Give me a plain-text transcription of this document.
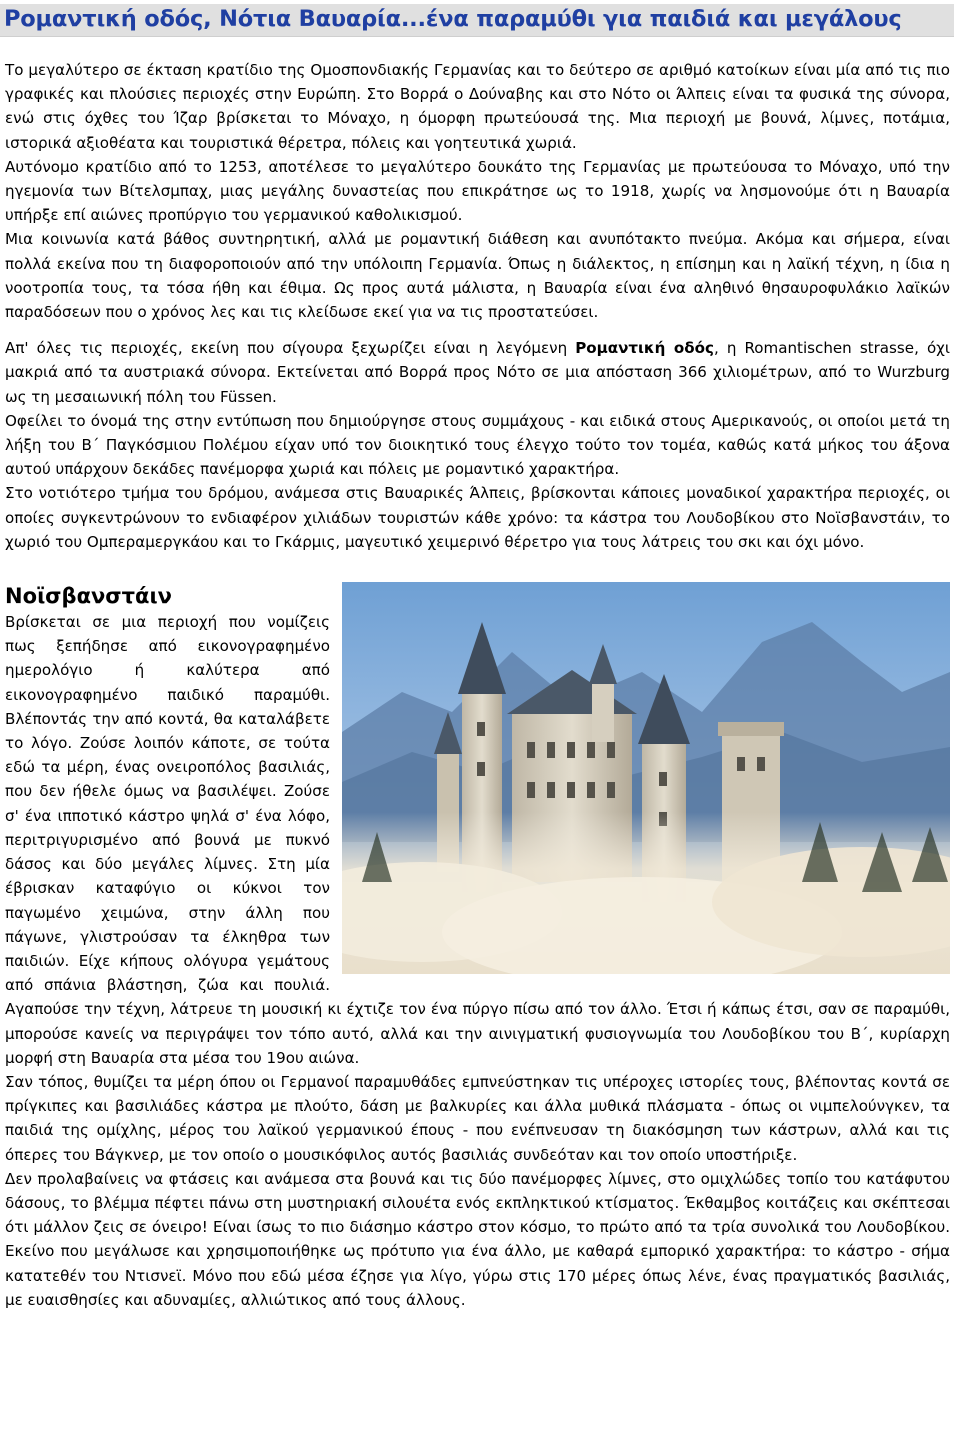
Ρομαντική οδός, Νότια Βαυαρία...ένα παραμύθι για παιδιά και μεγάλους

Το μεγαλύτερο σε έκταση κρατίδιο της Ομοσπονδιακής Γερμανίας και το δεύτερο σε αριθμό κατοίκων είναι μία από τις πιο γραφικές και πλούσιες περιοχές στην Ευρώπη. Στο Βορρά ο Δούναβης και στο Νότο οι Άλπεις είναι τα φυσικά της σύνορα, ενώ στις όχθες του Ίζαρ βρίσκεται το Μόναχο, η όμορφη πρωτεύουσά της. Μια περιοχή με βουνά, λίμνες, ποτάμια, ιστορικά αξιοθέατα και τουριστικά θέρετρα, πόλεις και γοητευτικά χωριά.

Αυτόνομο κρατίδιο από το 1253, αποτέλεσε το μεγαλύτερο δουκάτο της Γερμανίας με πρωτεύουσα το Μόναχο, υπό την ηγεμονία των Βίτελσμπαχ, μιας μεγάλης δυναστείας που επικράτησε ως το 1918, χωρίς να λησμονούμε ότι η Βαυαρία υπήρξε επί αιώνες προπύργιο του γερμανικού καθολικισμού.

Μια κοινωνία κατά βάθος συντηρητική, αλλά με ρομαντική διάθεση και ανυπότακτο πνεύμα. Ακόμα και σήμερα, είναι πολλά εκείνα που τη διαφοροποιούν από την υπόλοιπη Γερμανία. Όπως η διάλεκτος, η επίσημη και η λαϊκή τέχνη, η ίδια η νοοτροπία τους, τα τόσα ήθη και έθιμα. Ως προς αυτά μάλιστα, η Βαυαρία είναι ένα αληθινό θησαυροφυλάκιο λαϊκών παραδόσεων που ο χρόνος λες και τις κλείδωσε εκεί για να τις προστατεύσει.

Απ' όλες τις περιοχές, εκείνη που σίγουρα ξεχωρίζει είναι η λεγόμενη Ρομαντική οδός, η Romantischen strasse, όχι μακριά από τα αυστριακά σύνορα. Εκτείνεται από Βορρά προς Νότο σε μια απόσταση 366 χιλιομέτρων, από το Wurzburg ως τη μεσαιωνική πόλη του Füssen.

Οφείλει το όνομά της στην εντύπωση που δημιούργησε στους συμμάχους - και ειδικά στους Αμερικανούς, οι οποίοι μετά τη λήξη του Β΄ Παγκόσμιου Πολέμου είχαν υπό τον διοικητικό τους έλεγχο τούτο τον τομέα, καθώς κατά μήκος του άξονα αυτού υπάρχουν δεκάδες πανέμορφα χωριά και πόλεις με ρομαντικό χαρακτήρα.

Στο νοτιότερο τμήμα του δρόμου, ανάμεσα στις Βαυαρικές Άλπεις, βρίσκονται κάποιες μοναδικοί χαρακτήρα περιοχές, οι οποίες συγκεντρώνουν το ενδιαφέρον χιλιάδων τουριστών κάθε χρόνο: τα κάστρα του Λουδοβίκου στο Νοϊσβανστάιν, το χωριό του Ομπεραμεργκάου και το Γκάρμις, μαγευτικό χειμερινό θέρετρο για τους λάτρεις του σκι και όχι μόνο.

Νοϊσβανστάιν

Βρίσκεται σε μια περιοχή που νομίζεις πως ξεπήδησε από εικονογραφημένο ημερολόγιο ή καλύτερα από εικονογραφημένο παιδικό παραμύθι. Βλέποντάς την από κοντά, θα καταλάβετε το λόγο. Ζούσε λοιπόν κάποτε, σε τούτα εδώ τα μέρη, ένας ονειροπόλος βασιλιάς, που δεν ήθελε όμως να βασιλέψει. Ζούσε σ' ένα ιπποτικό κάστρο ψηλά σ' ένα λόφο, περιτριγυρισμένο από βουνά με πυκνό δάσος και δύο μεγάλες λίμνες. Στη μία έβρισκαν καταφύγιο οι κύκνοι τον παγωμένο χειμώνα, στην άλλη που πάγωνε, γλιστρούσαν τα έλκηθρα των παιδιών. Είχε κήπους ολόγυρα γεμάτους από σπάνια βλάστηση, ζώα και πουλιά. Αγαπούσε την τέχνη, λάτρευε τη μουσική κι έχτιζε τον ένα πύργο πίσω από τον άλλο. Έτσι ή κάπως έτσι, σαν σε παραμύθι, μπορούσε κανείς να περιγράψει τον τόπο αυτό, αλλά και την αινιγματική φυσιογνωμία του Λουδοβίκου του Β΄, κυρίαρχη μορφή στη Βαυαρία στα μέσα του 19ου αιώνα.

Σαν τόπος, θυμίζει τα μέρη όπου οι Γερμανοί παραμυθάδες εμπνεύστηκαν τις υπέροχες ιστορίες τους, βλέποντας κοντά σε πρίγκιπες και βασιλιάδες κάστρα με πλούτο, δάση με βαλκυρίες και άλλα μυθικά πλάσματα - όπως οι νιμπελούνγκεν, τα παιδιά της ομίχλης, μέρος του λαϊκού γερμανικού έπους - που ενέπνευσαν τη διακόσμηση των κάστρων, αλλά και τις όπερες του Βάγκνερ, με τον οποίο ο μουσικόφιλος αυτός βασιλιάς συνδεόταν και τον οποίο υποστήριξε.

Δεν προλαβαίνεις να φτάσεις και ανάμεσα στα βουνά και τις δύο πανέμορφες λίμνες, στο ομιχλώδες τοπίο του κατάφυτου δάσους, το βλέμμα πέφτει πάνω στη μυστηριακή σιλουέτα ενός εκπληκτικού κτίσματος. Έκθαμβος κοιτάζεις και σκέπτεσαι ότι μάλλον ζεις σε όνειρο! Είναι ίσως το πιο διάσημο κάστρο στον κόσμο, το πρώτο από τα τρία συνολικά του Λουδοβίκου. Εκείνο που μεγάλωσε και χρησιμοποιήθηκε ως πρότυπο για ένα άλλο, με καθαρά εμπορικό χαρακτήρα: το κάστρο - σήμα κατατεθέν του Ντισνεϊ. Μόνο που εδώ μέσα έζησε για λίγο, γύρω στις 170 μέρες όπως λένε, ένας πραγματικός βασιλιάς, με ευαισθησίες και αδυναμίες, αλλιώτικος από τους άλλους.
